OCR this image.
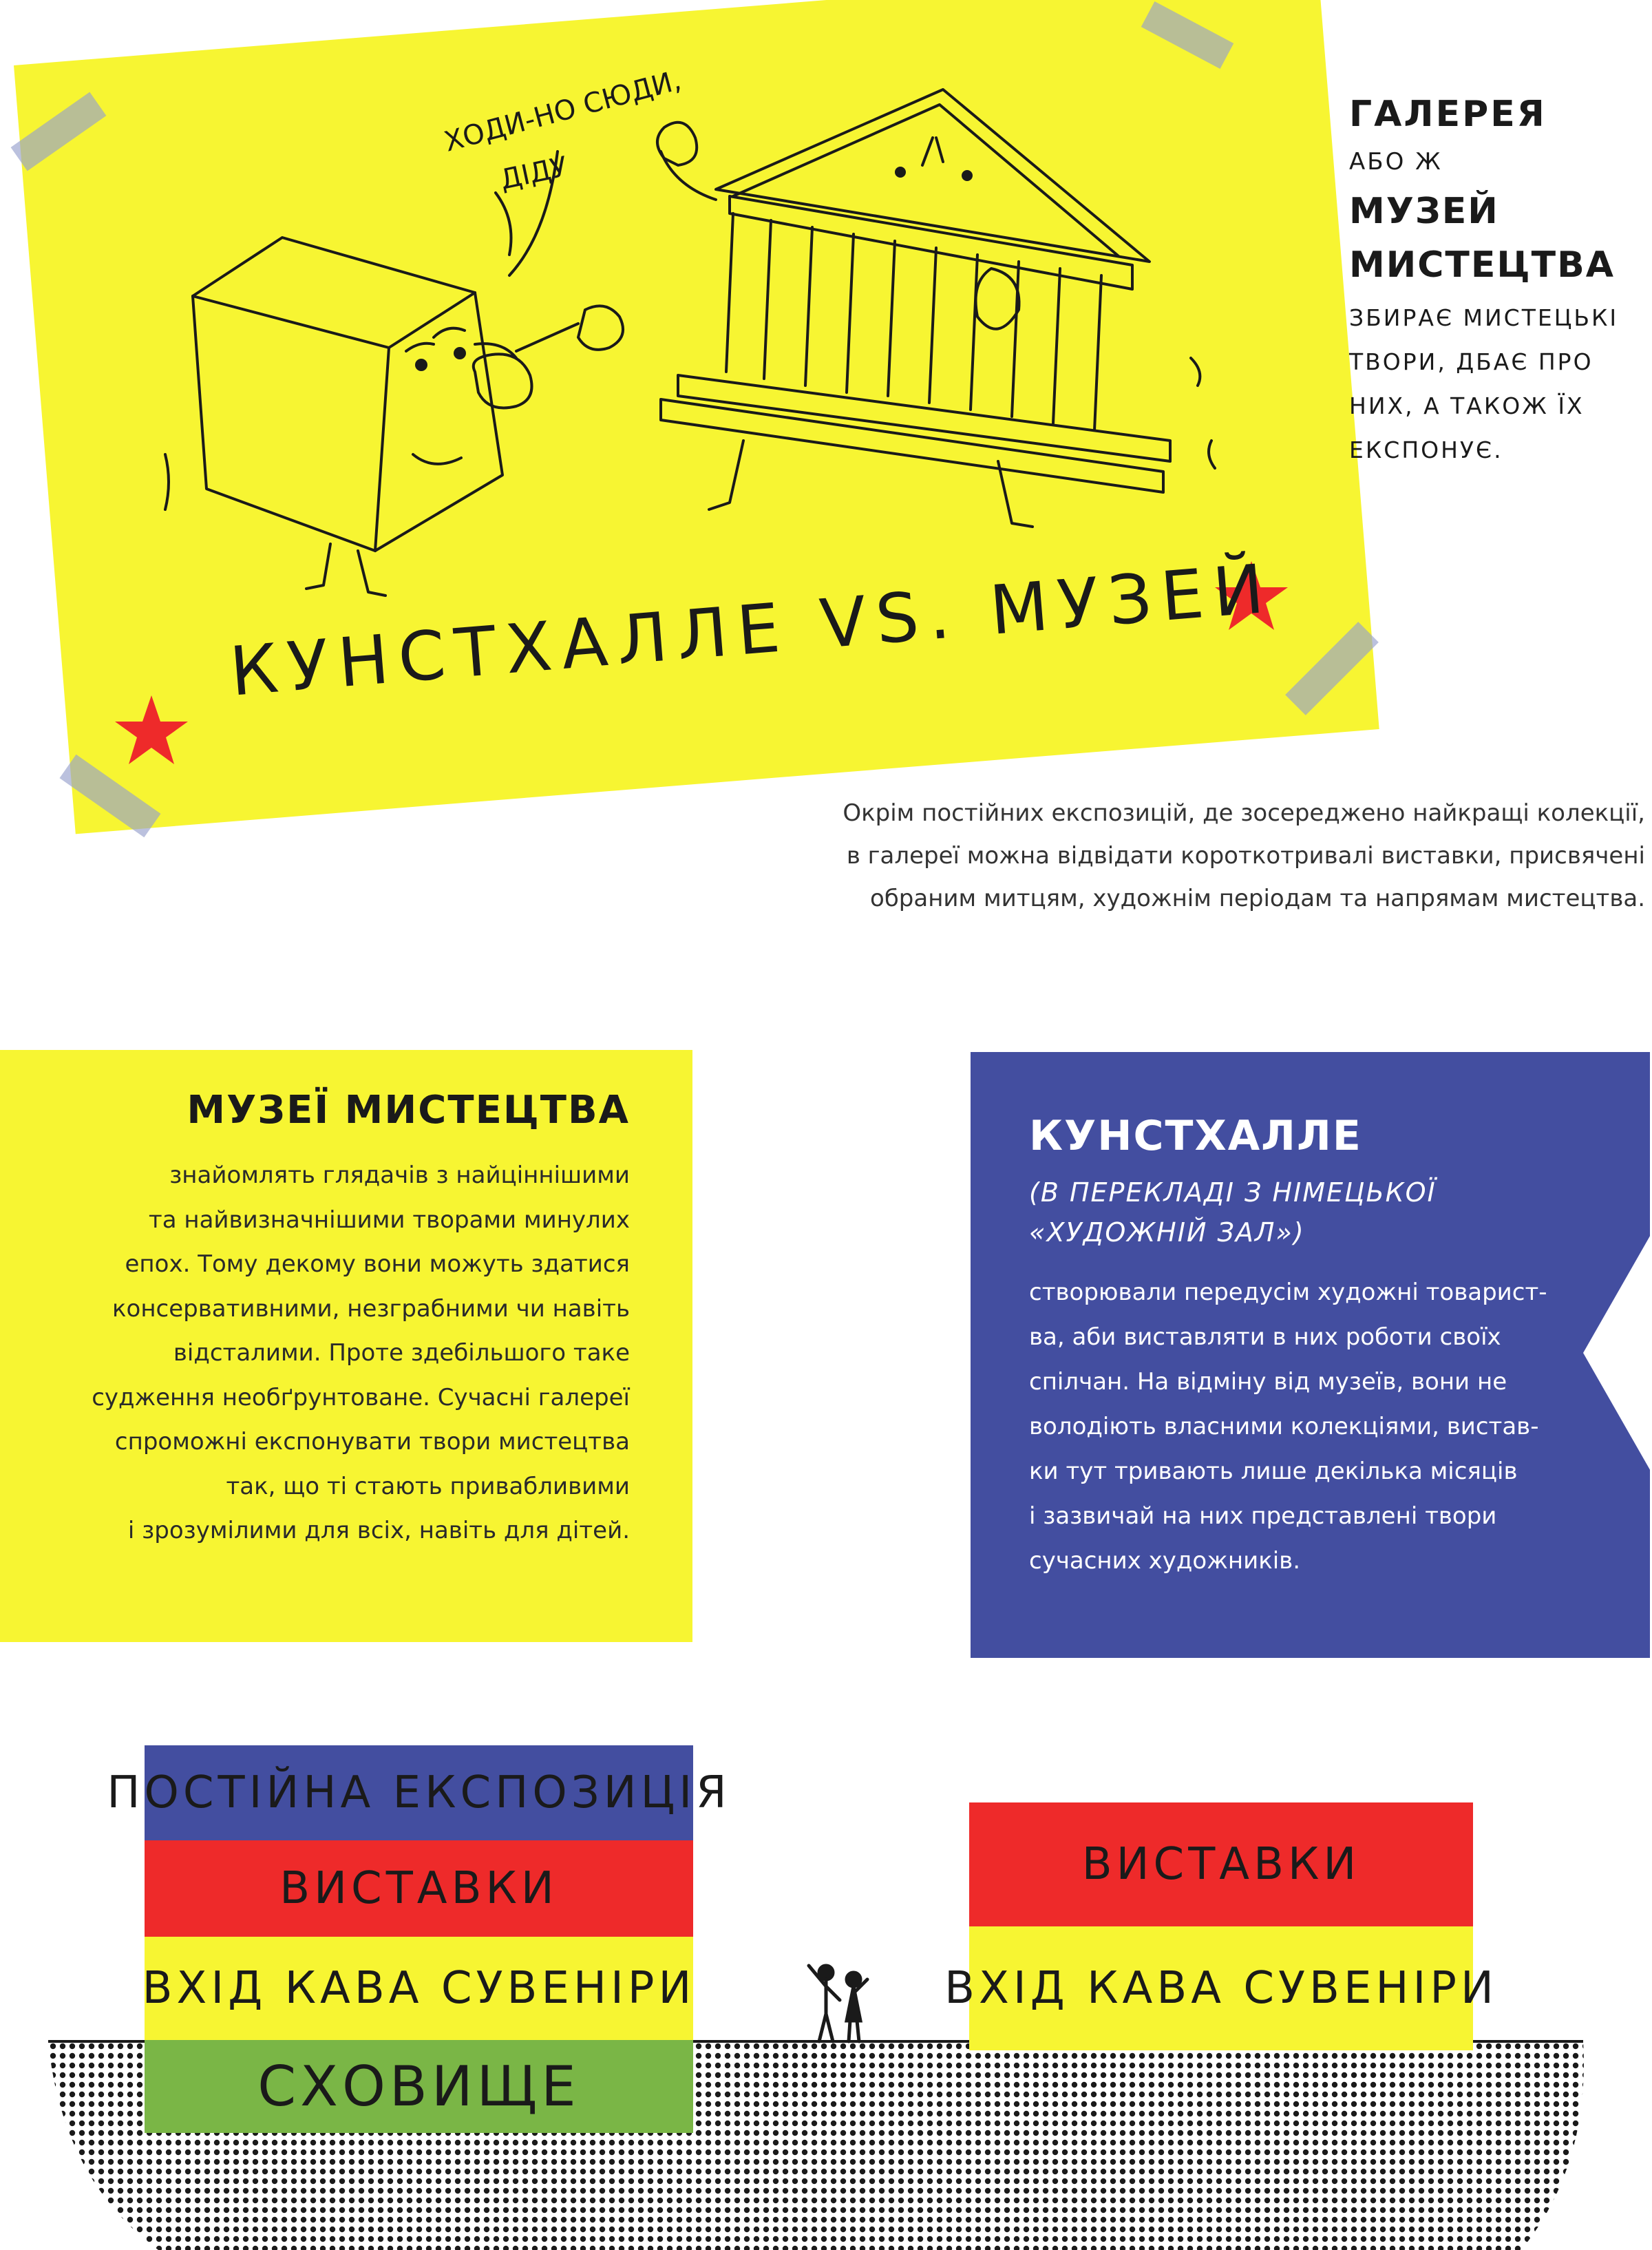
ХОДИ-НО СЮДИ,
ДІДУ
КУНСТХАЛЛЕ VS. МУЗЕЙ
ГАЛЕРЕЯ
АБО Ж
МУЗЕЙ
МИСТЕЦТВА
ЗБИРАЄ МИСТЕЦЬКІ
ТВОРИ, ДБАЄ ПРО
НИХ, А ТАКОЖ ЇХ
ЕКСПОНУЄ.
Окрім постійних експозицій, де зосереджено найкращі колекції,
в галереї можна відвідати короткотривалі виставки, присвячені
обраним митцям, художнім періодам та напрямам мистецтва.
МУЗЕЇ МИСТЕЦТВА
знайомлять глядачів з найціннішими
та найвизначнішими творами минулих
епох. Тому декому вони можуть здатися
консервативними, незграбними чи навіть
відсталими. Проте здебільшого таке
судження необґрунтоване. Сучасні галереї
спроможні експонувати твори мистецтва
так, що ті стають привабливими
і зрозумілими для всіх, навіть для дітей.
КУНСТХАЛЛЕ
(В ПЕРЕКЛАДІ З НІМЕЦЬКОЇ
«ХУДОЖНІЙ ЗАЛ»)
створювали передусім художні товарист-
ва, аби виставляти в них роботи своїх
спілчан. На відміну від музеїв, вони не
володіють власними колекціями, вистав-
ки тут тривають лише декілька місяців
і зазвичай на них представлені твори
сучасних художників.
ПОСТІЙНА ЕКСПОЗИЦІЯ
ВИСТАВКИ
ВХІД КАВА СУВЕНІРИ
СХОВИЩЕ
ВИСТАВКИ
ВХІД КАВА СУВЕНІРИ
